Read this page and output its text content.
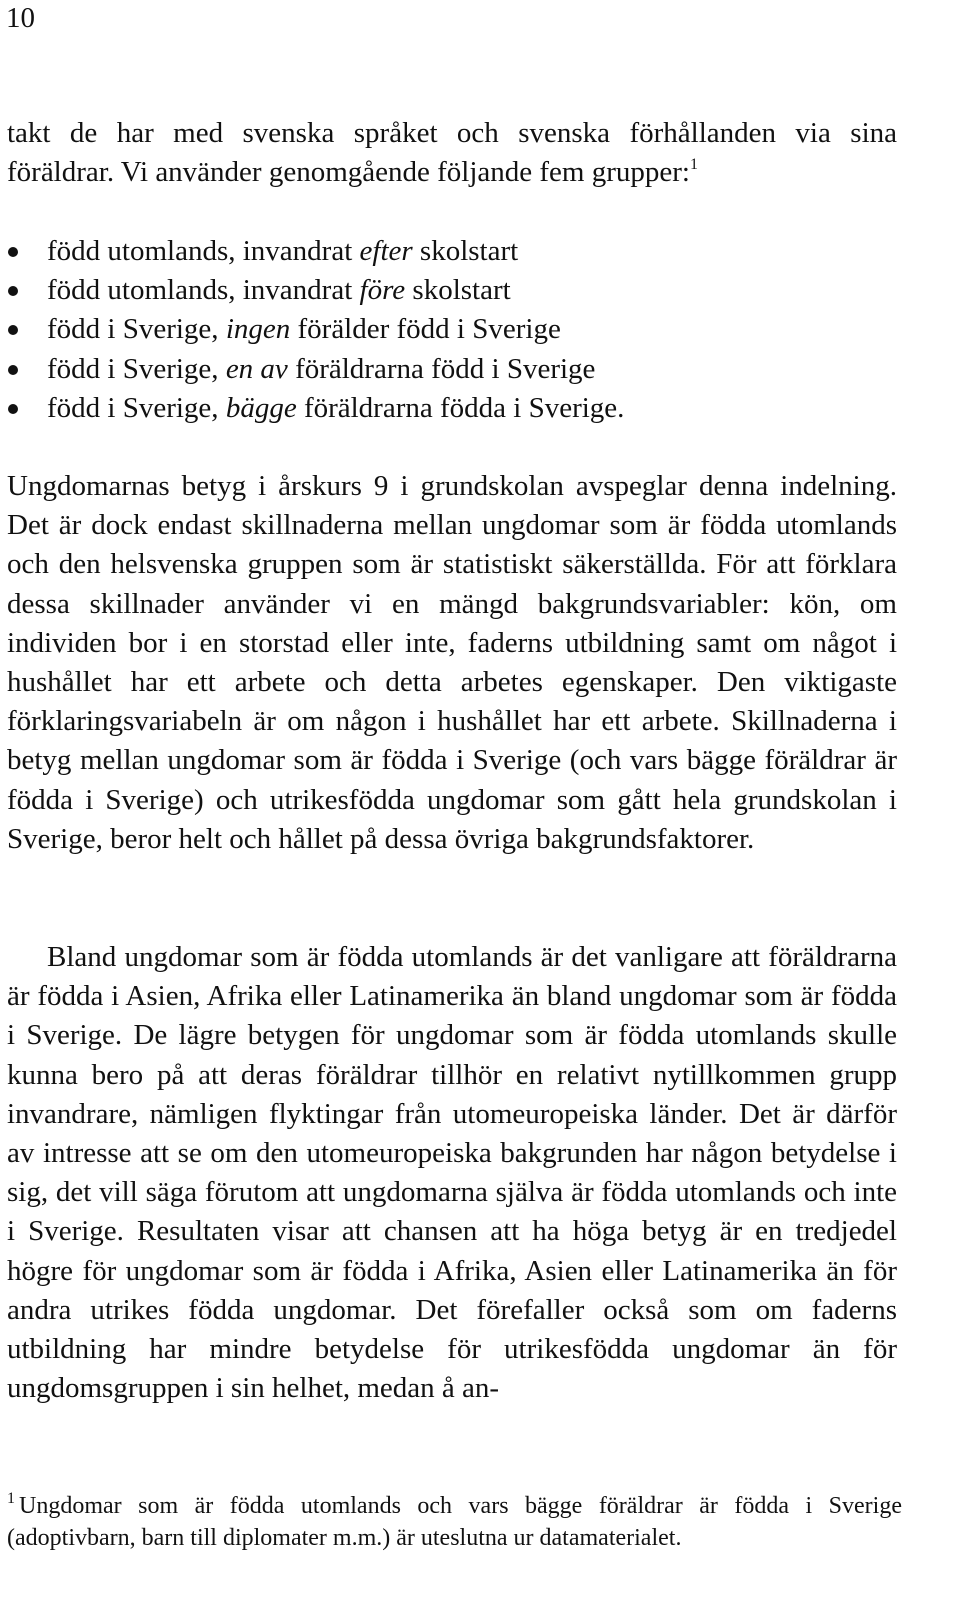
10

takt de har med svenska språket och svenska förhållanden via sina
föräldrar. Vi använder genomgående följande fem grupper:$^1$

född utomlands, invandrat efter skolstart
född utomlands, invandrat före skolstart
född i Sverige, ingen förälder född i Sverige
född i Sverige, en av föräldrarna född i Sverige
född i Sverige, bägge föräldrarna födda i Sverige.

Ungdomarnas betyg i årskurs 9 i grundskolan avspeglar denna indelning. Det är dock endast skillnaderna mellan ungdomar som är födda utomlands och den helsvenska gruppen som är statistiskt säkerställda. För att förklara dessa skillnader använder vi en mängd bakgrundsvariabler: kön, om individen bor i en storstad eller inte, faderns utbildning samt om något i hushållet har ett arbete och detta arbetes egenskaper. Den viktigaste förklaringsvariabeln är om någon i hushållet har ett arbete. Skillnaderna i betyg mellan ungdomar som är födda i Sverige (och vars bägge föräldrar är födda i Sverige) och utrikesfödda ungdomar som gått hela grundskolan i Sverige, beror helt och hållet på dessa övriga bakgrundsfaktorer.

Bland ungdomar som är födda utomlands är det vanligare att föräldrarna är födda i Asien, Afrika eller Latinamerika än bland ungdomar som är födda i Sverige. De lägre betygen för ungdomar som är födda utomlands skulle kunna bero på att deras föräldrar tillhör en relativt nytillkommen grupp invandrare, nämligen flyktingar från utomeuropeiska länder. Det är därför av intresse att se om den utomeuropeiska bakgrunden har någon betydelse i sig, det vill säga förutom att ungdomarna själva är födda utomlands och inte i Sverige. Resultaten visar att chansen att ha höga betyg är en tredjedel högre för ungdomar som är födda i Afrika, Asien eller Latinamerika än för andra utrikes födda ungdomar. Det förefaller också som om faderns utbildning har mindre betydelse för utrikesfödda ungdomar än för ungdomsgruppen i sin helhet, medan å an-

$^1$ Ungdomar som är födda utomlands och vars bägge föräldrar är födda i Sverige (adoptivbarn, barn till diplomater m.m.) är uteslutna ur datamaterialet.
